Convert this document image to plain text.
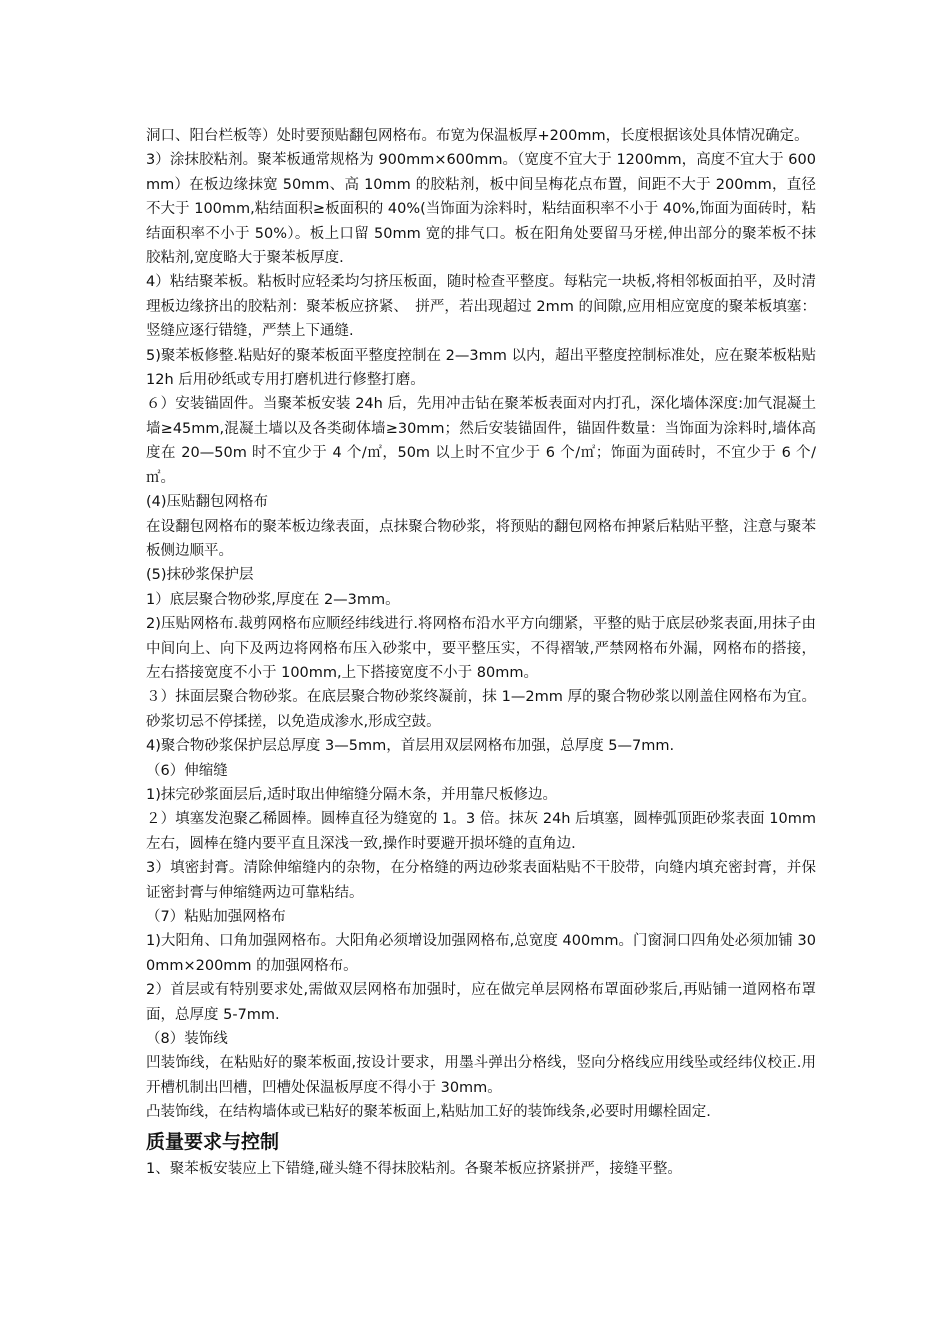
洞口、阳台栏板等）处时要预贴翻包网格布。布宽为保温板厚+200mm，长度根据该处具体情况确定。

3）涂抹胶粘剂。聚苯板通常规格为 900mm×600mm。（宽度不宜大于 1200mm，高度不宜大于 600mm）在板边缘抹宽 50mm、高 10mm 的胶粘剂，板中间呈梅花点布置，间距不大于 200mm，直径不大于 100mm,粘结面积≥板面积的 40%(当饰面为涂料时，粘结面积率不小于 40%,饰面为面砖时，粘结面积率不小于 50%）。板上口留 50mm 宽的排气口。板在阳角处要留马牙槎,伸出部分的聚苯板不抹胶粘剂,宽度略大于聚苯板厚度.

4）粘结聚苯板。粘板时应轻柔均匀挤压板面，随时检查平整度。每粘完一块板,将相邻板面拍平，及时清理板边缘挤出的胶粘剂：聚苯板应挤紧、　拼严，若出现超过 2mm 的间隙,应用相应宽度的聚苯板填塞：竖缝应逐行错缝，严禁上下通缝.

5)聚苯板修整.粘贴好的聚苯板面平整度控制在 2—3mm 以内，超出平整度控制标准处，应在聚苯板粘贴 12h 后用砂纸或专用打磨机进行修整打磨。

６）安装锚固件。当聚苯板安装 24h 后，先用冲击钻在聚苯板表面对内打孔，深化墙体深度:加气混凝土墙≥45mm,混凝土墙以及各类砌体墙≥30mm；然后安装锚固件，锚固件数量：当饰面为涂料时,墙体高度在 20—50m 时不宜少于 4 个/㎡，50m 以上时不宜少于 6 个/㎡；饰面为面砖时，不宜少于 6 个/㎡。

(4)压贴翻包网格布

在设翻包网格布的聚苯板边缘表面，点抹聚合物砂浆，将预贴的翻包网格布抻紧后粘贴平整，注意与聚苯板侧边顺平。

(5)抹砂浆保护层

1）底层聚合物砂浆,厚度在 2—3mm。

2)压贴网格布.裁剪网格布应顺经纬线进行.将网格布沿水平方向绷紧，平整的贴于底层砂浆表面,用抹子由中间向上、向下及两边将网格布压入砂浆中，要平整压实，不得褶皱,严禁网格布外漏，网格布的搭接，左右搭接宽度不小于 100mm,上下搭接宽度不小于 80mm。

３）抹面层聚合物砂浆。在底层聚合物砂浆终凝前，抹 1—2mm 厚的聚合物砂浆以刚盖住网格布为宜。砂浆切忌不停揉搓，以免造成渗水,形成空鼓。

4)聚合物砂浆保护层总厚度 3—5mm，首层用双层网格布加强，总厚度 5—7mm.

（6）伸缩缝

1)抹完砂浆面层后,适时取出伸缩缝分隔木条，并用靠尺板修边。

２）填塞发泡聚乙稀圆棒。圆棒直径为缝宽的 1。3 倍。抹灰 24h 后填塞，圆棒弧顶距砂浆表面 10mm 左右，圆棒在缝内要平直且深浅一致,操作时要避开损坏缝的直角边.

3）填密封膏。清除伸缩缝内的杂物，在分格缝的两边砂浆表面粘贴不干胶带，向缝内填充密封膏，并保证密封膏与伸缩缝两边可靠粘结。

（7）粘贴加强网格布

1)大阳角、口角加强网格布。大阳角必须增设加强网格布,总宽度 400mm。门窗洞口四角处必须加铺 300mm×200mm 的加强网格布。

2）首层或有特别要求处,需做双层网格布加强时，应在做完单层网格布罩面砂浆后,再贴铺一道网格布罩面，总厚度 5-7mm.

（8）装饰线

凹装饰线，在粘贴好的聚苯板面,按设计要求，用墨斗弹出分格线，竖向分格线应用线坠或经纬仪校正.用开槽机制出凹槽，凹槽处保温板厚度不得小于 30mm。

凸装饰线，在结构墙体或已粘好的聚苯板面上,粘贴加工好的装饰线条,必要时用螺栓固定.

质量要求与控制

1、聚苯板安装应上下错缝,碰头缝不得抹胶粘剂。各聚苯板应挤紧拼严，接缝平整。
